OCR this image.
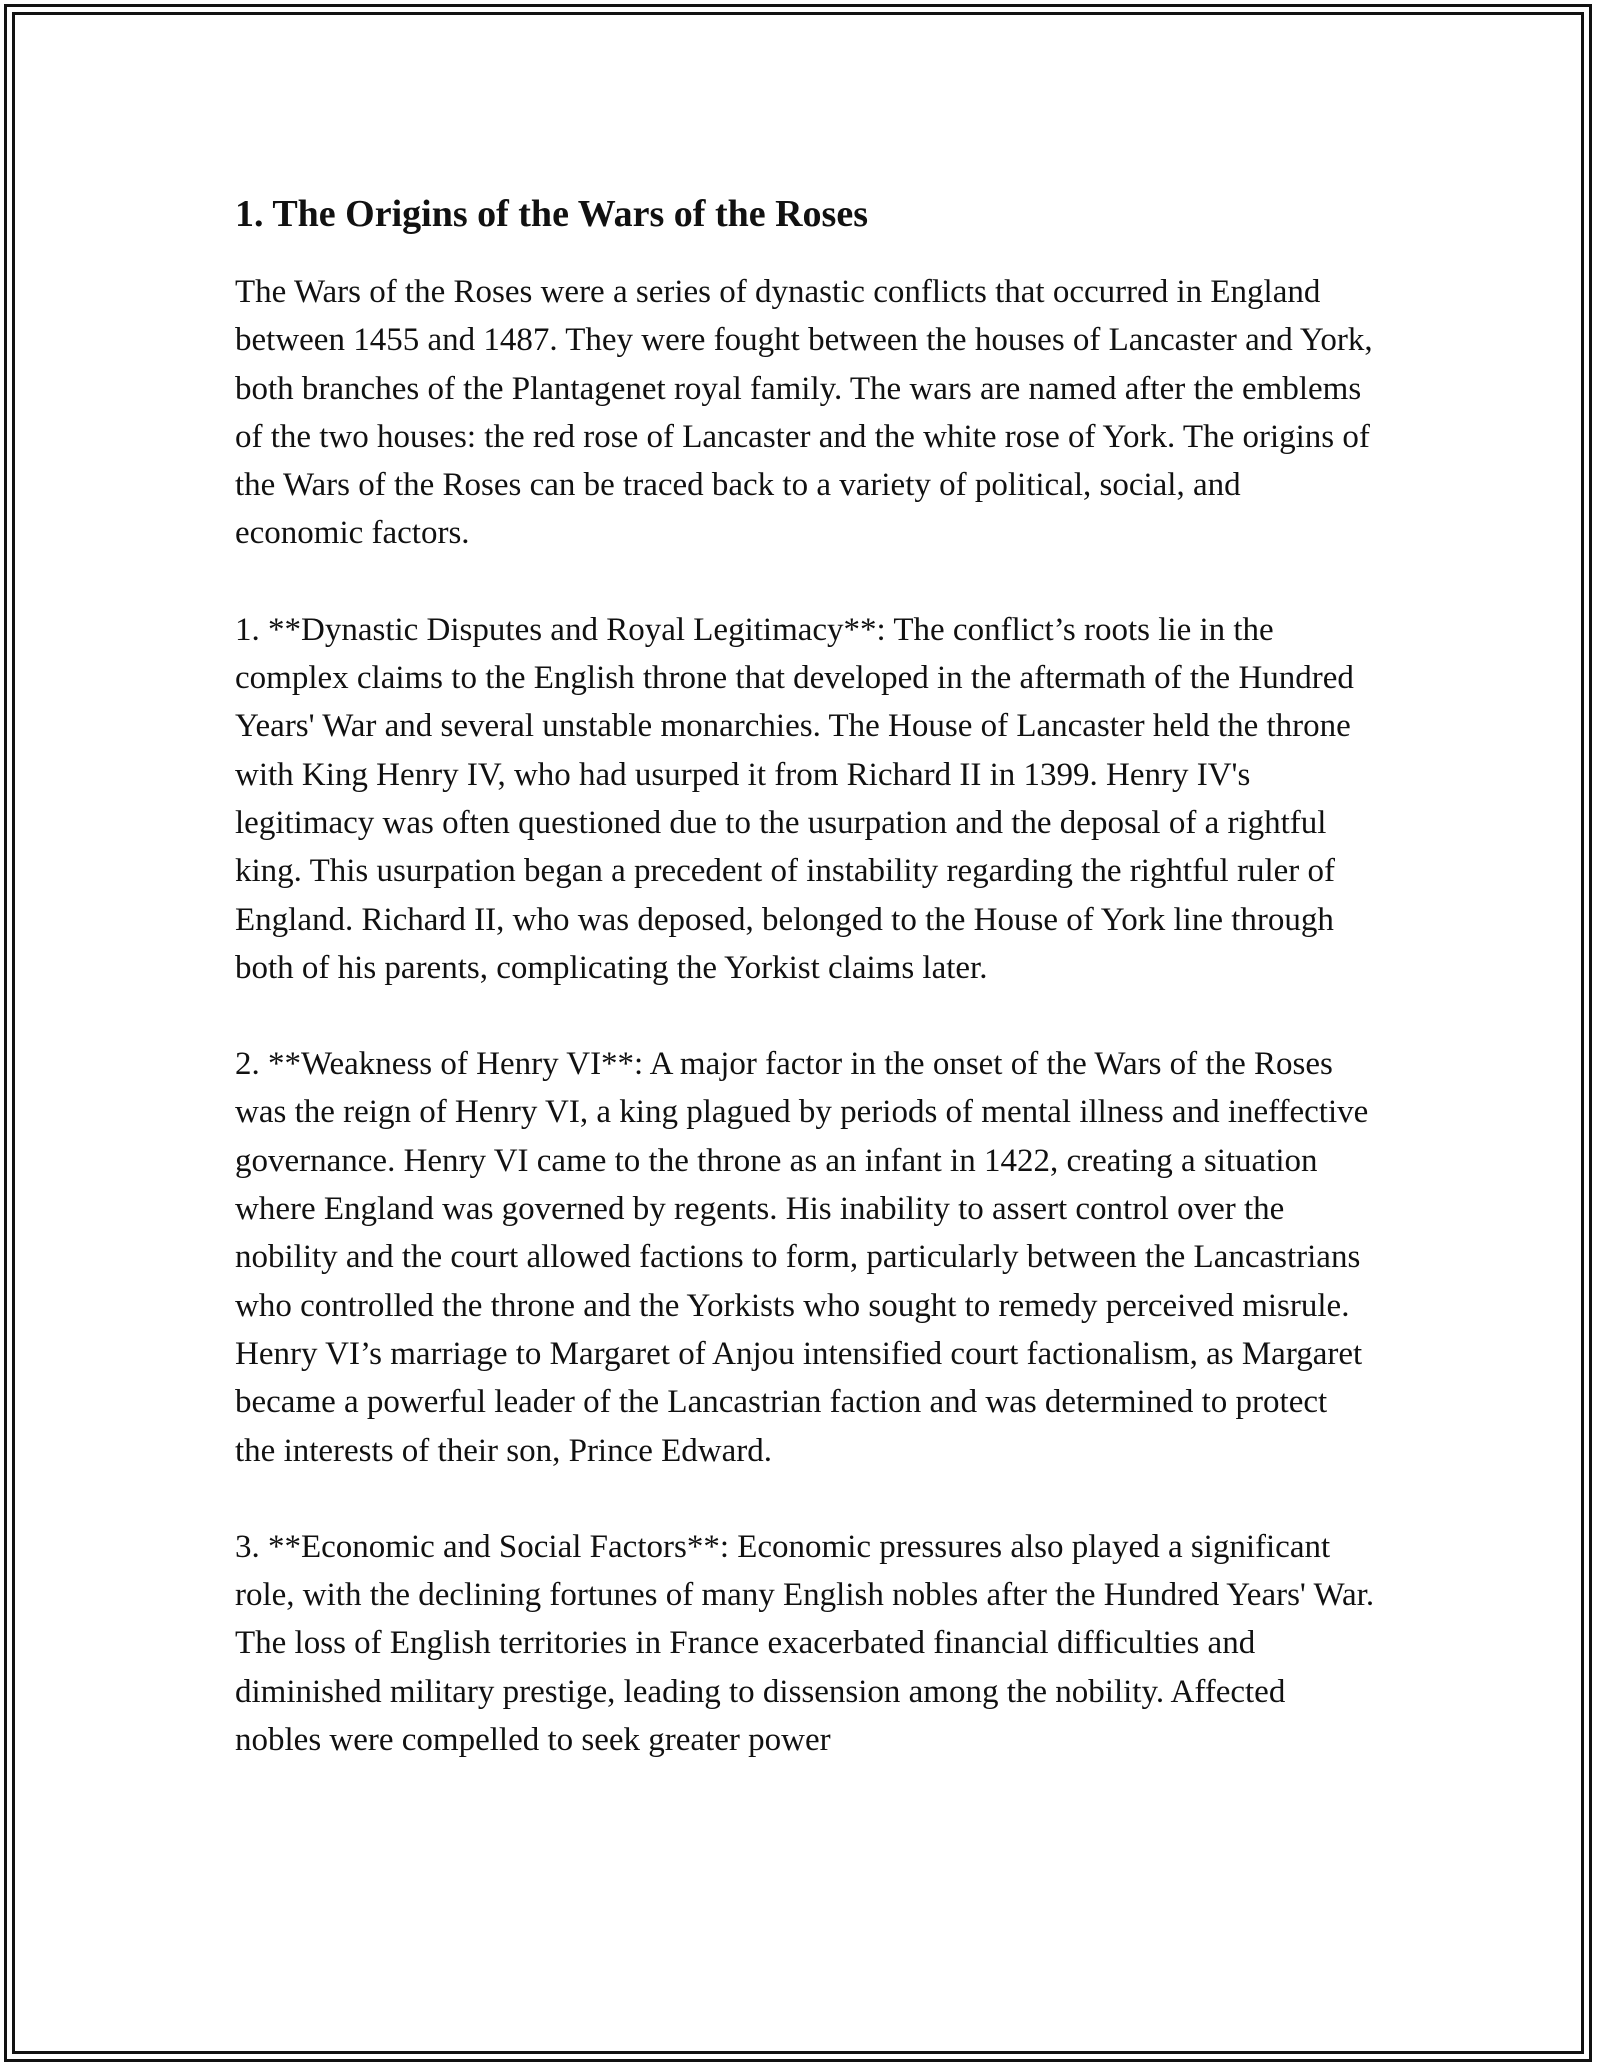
1. The Origins of the Wars of the Roses

The Wars of the Roses were a series of dynastic conflicts that occurred in England between 1455 and 1487. They were fought between the houses of Lancaster and York, both branches of the Plantagenet royal family. The wars are named after the emblems of the two houses: the red rose of Lancaster and the white rose of York. The origins of the Wars of the Roses can be traced back to a variety of political, social, and economic factors.

1. **Dynastic Disputes and Royal Legitimacy**: The conflict’s roots lie in the complex claims to the English throne that developed in the aftermath of the Hundred Years' War and several unstable monarchies. The House of Lancaster held the throne with King Henry IV, who had usurped it from Richard II in 1399. Henry IV's legitimacy was often questioned due to the usurpation and the deposal of a rightful king. This usurpation began a precedent of instability regarding the rightful ruler of England. Richard II, who was deposed, belonged to the House of York line through both of his parents, complicating the Yorkist claims later.

2. **Weakness of Henry VI**: A major factor in the onset of the Wars of the Roses was the reign of Henry VI, a king plagued by periods of mental illness and ineffective governance. Henry VI came to the throne as an infant in 1422, creating a situation where England was governed by regents. His inability to assert control over the nobility and the court allowed factions to form, particularly between the Lancastrians who controlled the throne and the Yorkists who sought to remedy perceived misrule. Henry VI’s marriage to Margaret of Anjou intensified court factionalism, as Margaret became a powerful leader of the Lancastrian faction and was determined to protect the interests of their son, Prince Edward.

3. **Economic and Social Factors**: Economic pressures also played a significant role, with the declining fortunes of many English nobles after the Hundred Years' War. The loss of English territories in France exacerbated financial difficulties and diminished military prestige, leading to dissension among the nobility. Affected nobles were compelled to seek greater power
